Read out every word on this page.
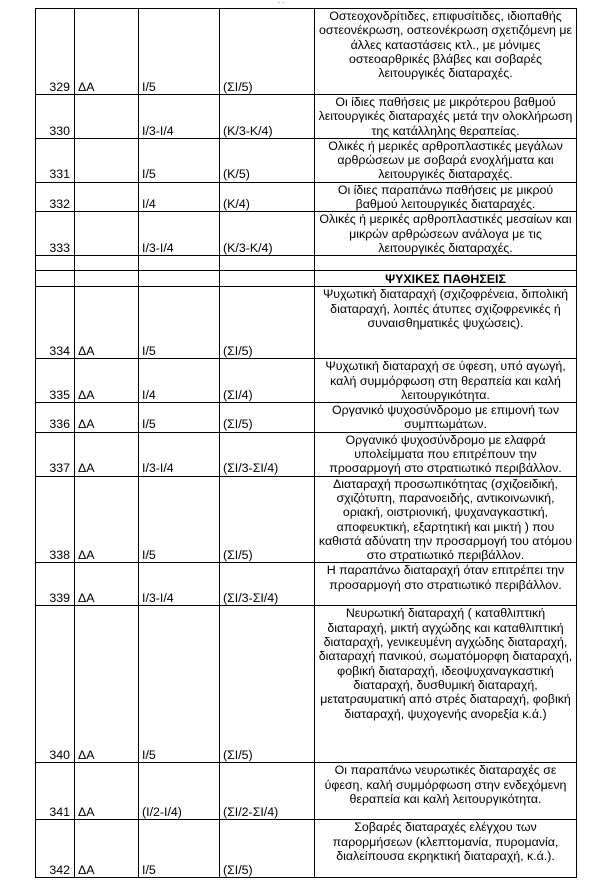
- -
329	ΔΑ	Ι/5	(ΣΙ/5)	Οστεοχονδρίτιδες, επιφυσίτιδες, ιδιοπαθής οστεονέκρωση, οστεονέκρωση σχετιζόμενη με άλλες καταστάσεις κτλ., με μόνιμες οστεοαρθρικές βλάβες και σοβαρές λειτουργικές διαταραχές.
330		Ι/3-Ι/4	(Κ/3-Κ/4)	Οι ίδιες παθήσεις με μικρότερου βαθμού λειτουργικές διαταραχές μετά την ολοκλήρωση της κατάλληλης θεραπείας.
331		Ι/5	(Κ/5)	Ολικές ή μερικές αρθροπλαστικές μεγάλων αρθρώσεων με σοβαρά ενοχλήματα και λειτουργικές διαταραχές.
332		Ι/4	(Κ/4)	Οι ίδιες παραπάνω παθήσεις με μικρού βαθμού λειτουργικές διαταραχές.
333		Ι/3-Ι/4	(Κ/3-Κ/4)	Ολικές ή μερικές αρθροπλαστικές μεσαίων και μικρών αρθρώσεων ανάλογα με τις λειτουργικές διαταραχές.

				ΨΥΧΙΚΕΣ ΠΑΘΗΣΕΙΣ
334	ΔΑ	Ι/5	(ΣΙ/5)	Ψυχωτική διαταραχή (σχιζοφρένεια, διπολική διαταραχή, λοιπές άτυπες σχιζοφρενικές ή συναισθηματικές ψυχώσεις).
335	ΔΑ	Ι/4	(ΣΙ/4)	Ψυχωτική διαταραχή σε ύφεση, υπό αγωγή, καλή συμμόρφωση στη θεραπεία και καλή λειτουργικότητα.
336	ΔΑ	Ι/5	(ΣΙ/5)	Οργανικό ψυχοσύνδρομο με επιμονή των συμπτωμάτων.
337	ΔΑ	Ι/3-Ι/4	(ΣΙ/3-ΣΙ/4)	Οργανικό ψυχοσύνδρομο με ελαφρά υπολείμματα που επιτρέπουν την προσαρμογή στο στρατιωτικό περιβάλλον.
338	ΔΑ	Ι/5	(ΣΙ/5)	Διαταραχή προσωπικότητας (σχιζοειδική, σχιζότυπη, παρανοειδής, αντικοινωνική, οριακή, οιστριονική, ψυχαναγκαστική, αποφευκτική, εξαρτητική και μικτή ) που καθιστά αδύνατη την προσαρμογή του ατόμου στο στρατιωτικό περιβάλλον.
339	ΔΑ	Ι/3-Ι/4	(ΣΙ/3-ΣΙ/4)	Η παραπάνω διαταραχή όταν επιτρέπει την προσαρμογή στο στρατιωτικό περιβάλλον.
340	ΔΑ	Ι/5	(ΣΙ/5)	Νευρωτική διαταραχή ( καταθλιπτική διαταραχή, μικτή αγχώδης και καταθλιπτική διαταραχή, γενικευμένη αγχώδης διαταραχή, διαταραχή πανικού, σωματόμορφη διαταραχή, φοβική διαταραχή, ιδεοψυχαναγκαστική διαταραχή, δυσθυμική διαταραχή, μετατραυματική από στρές διαταραχή, φοβική διαταραχή, ψυχογενής ανορεξία κ.ά.)
341	ΔΑ	(Ι/2-Ι/4)	(ΣΙ/2-ΣΙ/4)	Οι παραπάνω νευρωτικές διαταραχές σε ύφεση, καλή συμμόρφωση στην ενδεχόμενη θεραπεία και καλή λειτουργικότητα.
342	ΔΑ	Ι/5	(ΣΙ/5)	Σοβαρές διαταραχές ελέγχου των παρορμήσεων (κλεπτομανία, πυρομανία, διαλείπουσα εκρηκτική διαταραχή, κ.ά.).
